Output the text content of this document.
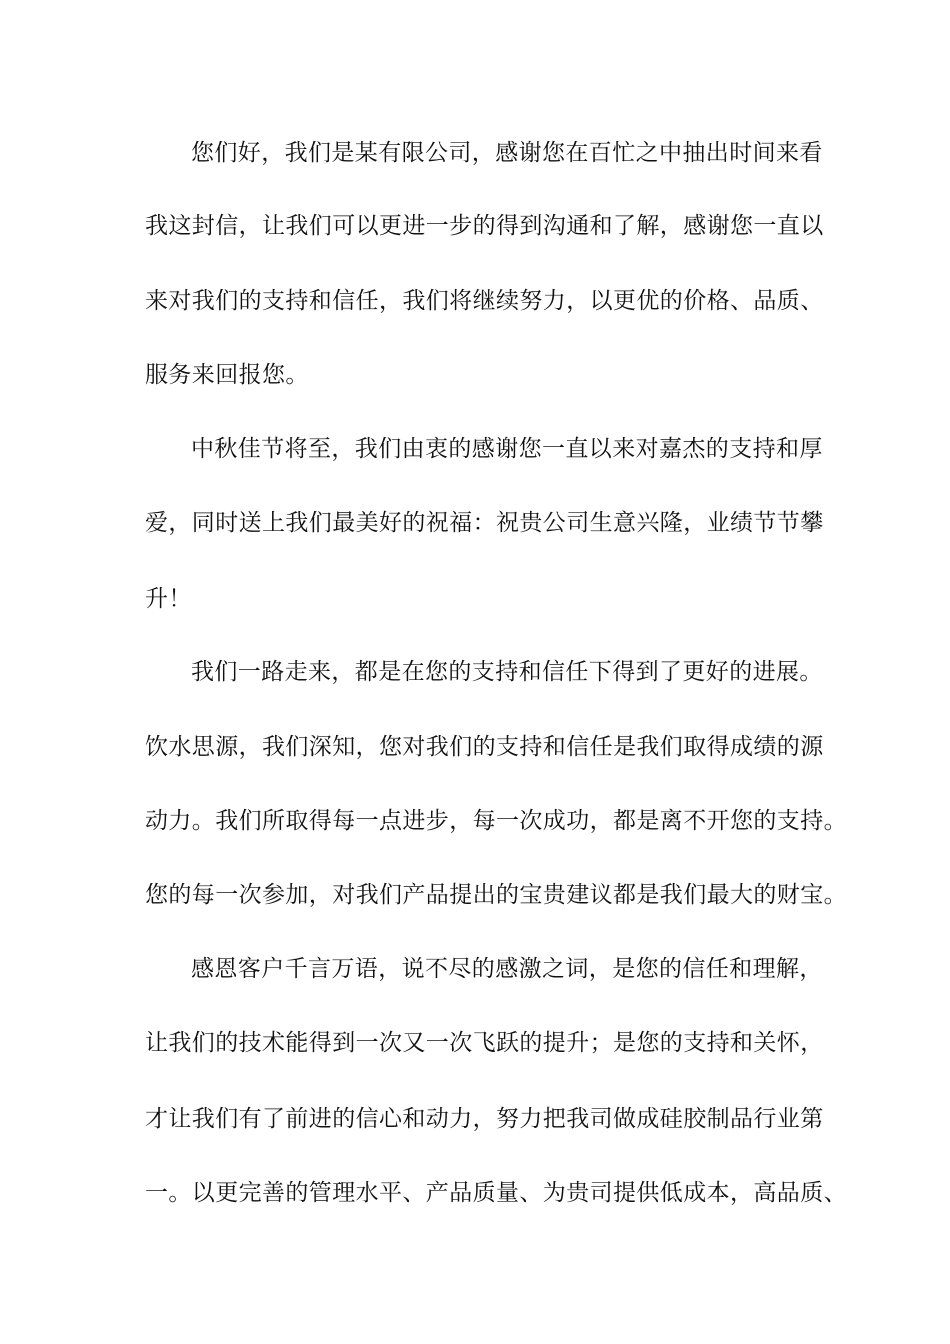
您们好，我们是某有限公司，感谢您在百忙之中抽出时间来看
我这封信，让我们可以更进一步的得到沟通和了解，感谢您一直以
来对我们的支持和信任，我们将继续努力，以更优的价格、品质、
服务来回报您。
中秋佳节将至，我们由衷的感谢您一直以来对嘉杰的支持和厚
爱，同时送上我们最美好的祝福：祝贵公司生意兴隆，业绩节节攀
升！
我们一路走来，都是在您的支持和信任下得到了更好的进展。
饮水思源，我们深知，您对我们的支持和信任是我们取得成绩的源
动力。我们所取得每一点进步，每一次成功，都是离不开您的支持。
您的每一次参加，对我们产品提出的宝贵建议都是我们最大的财宝。
感恩客户千言万语，说不尽的感激之词，是您的信任和理解，
让我们的技术能得到一次又一次飞跃的提升；是您的支持和关怀，
才让我们有了前进的信心和动力，努力把我司做成硅胶制品行业第
一。以更完善的管理水平、产品质量、为贵司提供低成本，高品质、
